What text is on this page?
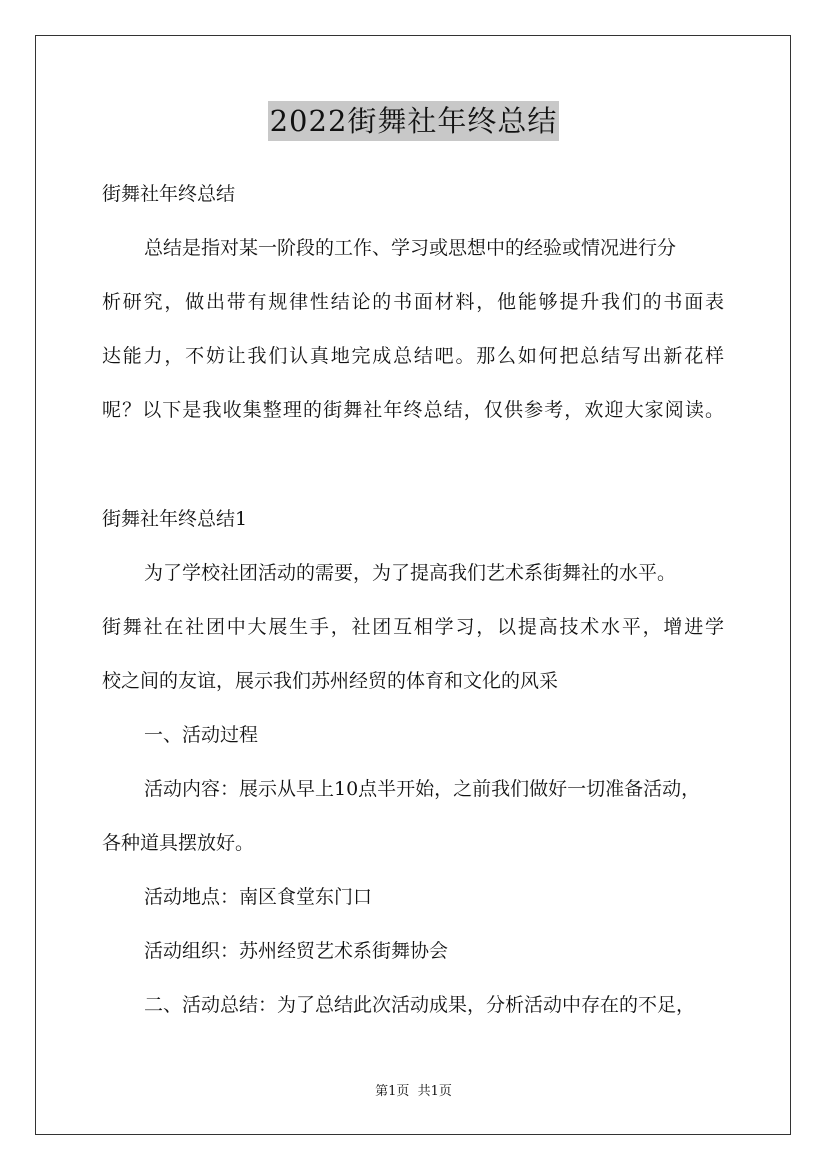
2022街舞社年终总结
街舞社年终总结
总结是指对某一阶段的工作、学习或思想中的经验或情况进行分
析研究，做出带有规律性结论的书面材料，他能够提升我们的书面表
达能力，不妨让我们认真地完成总结吧。那么如何把总结写出新花样
呢？以下是我收集整理的街舞社年终总结，仅供参考，欢迎大家阅读。
街舞社年终总结1
为了学校社团活动的需要，为了提高我们艺术系街舞社的水平。
街舞社在社团中大展生手，社团互相学习，以提高技术水平，增进学
校之间的友谊，展示我们苏州经贸的体育和文化的风采
一、活动过程
活动内容：展示从早上10点半开始，之前我们做好一切准备活动，
各种道具摆放好。
活动地点：南区食堂东门口
活动组织：苏州经贸艺术系街舞协会
二、活动总结：为了总结此次活动成果，分析活动中存在的不足，
第1页  共1页
